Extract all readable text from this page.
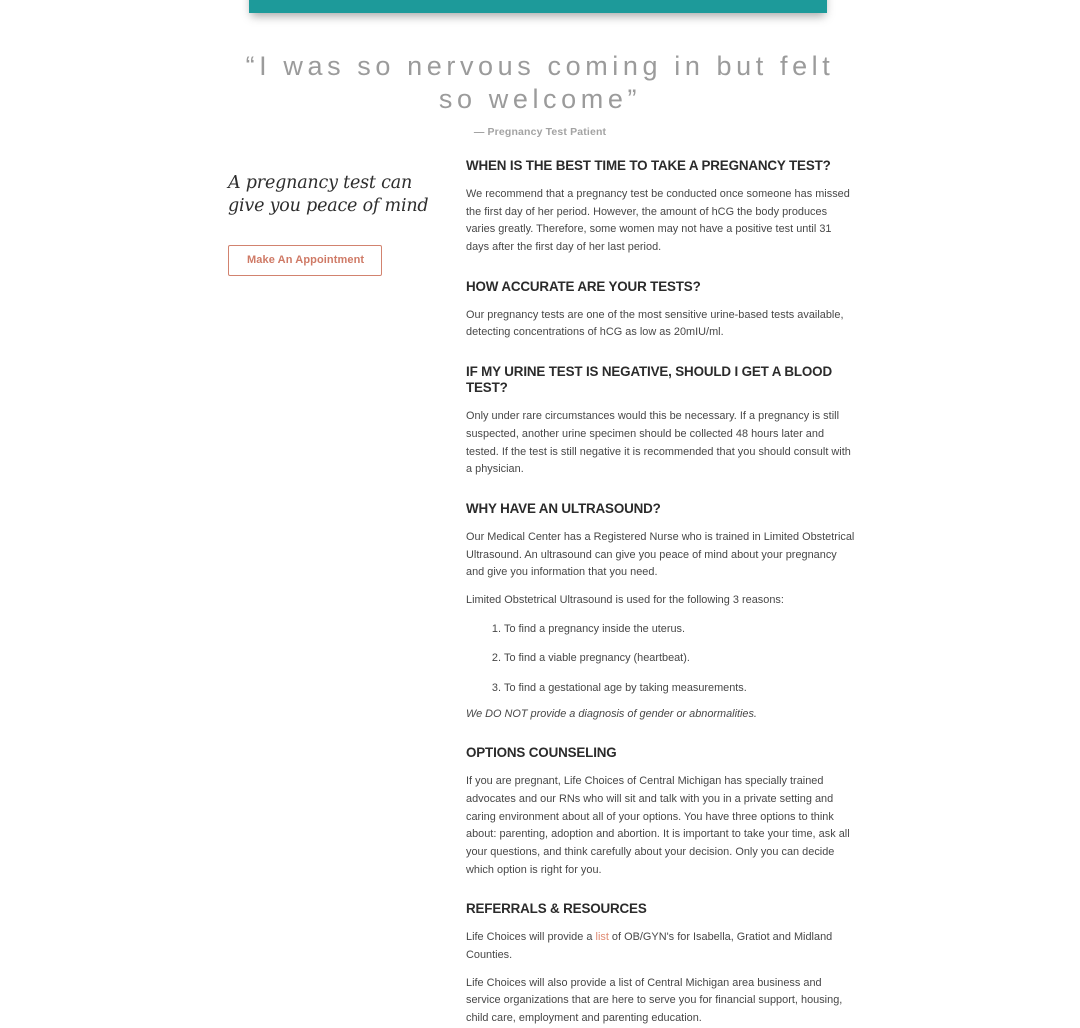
“I was so nervous coming in but felt so welcome”
— Pregnancy Test Patient
A pregnancy test can give you peace of mind
Make An Appointment
WHEN IS THE BEST TIME TO TAKE A PREGNANCY TEST?

We recommend that a pregnancy test be conducted once someone has missed the first day of her period. However, the amount of hCG the body produces varies greatly. Therefore, some women may not have a positive test until 31 days after the first day of her last period.

HOW ACCURATE ARE YOUR TESTS?

Our pregnancy tests are one of the most sensitive urine-based tests available, detecting concentrations of hCG as low as 20mIU/ml.

IF MY URINE TEST IS NEGATIVE, SHOULD I GET A BLOOD TEST?

Only under rare circumstances would this be necessary. If a pregnancy is still suspected, another urine specimen should be collected 48 hours later and tested. If the test is still negative it is recommended that you should consult with a physician.

WHY HAVE AN ULTRASOUND?

Our Medical Center has a Registered Nurse who is trained in Limited Obstetrical Ultrasound. An ultrasound can give you peace of mind about your pregnancy and give you information that you need.

Limited Obstetrical Ultrasound is used for the following 3 reasons:

1. To find a pregnancy inside the uterus.
2. To find a viable pregnancy (heartbeat).
3. To find a gestational age by taking measurements.

We DO NOT provide a diagnosis of gender or abnormalities.

OPTIONS COUNSELING

If you are pregnant, Life Choices of Central Michigan has specially trained advocates and our RNs who will sit and talk with you in a private setting and caring environment about all of your options. You have three options to think about: parenting, adoption and abortion. It is important to take your time, ask all your questions, and think carefully about your decision. Only you can decide which option is right for you.

REFERRALS & RESOURCES

Life Choices will provide a list of OB/GYN's for Isabella, Gratiot and Midland Counties.

Life Choices will also provide a list of Central Michigan area business and service organizations that are here to serve you for financial support, housing, child care, employment and parenting education.
